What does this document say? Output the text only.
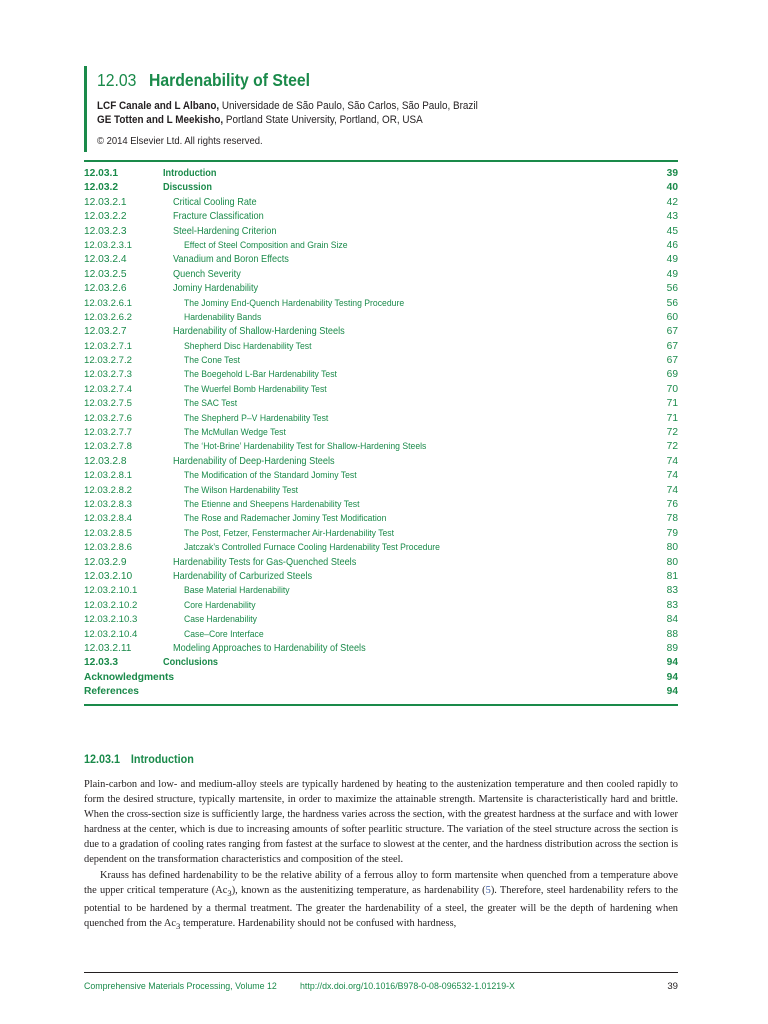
12.03 Hardenability of Steel
LCF Canale and L Albano, Universidade de São Paulo, São Carlos, São Paulo, Brazil
GE Totten and L Meekisho, Portland State University, Portland, OR, USA
© 2014 Elsevier Ltd. All rights reserved.
12.03.1	Introduction	39
12.03.2	Discussion	40
12.03.2.1	Critical Cooling Rate	42
12.03.2.2	Fracture Classification	43
12.03.2.3	Steel-Hardening Criterion	45
12.03.2.3.1	Effect of Steel Composition and Grain Size	46
12.03.2.4	Vanadium and Boron Effects	49
12.03.2.5	Quench Severity	49
12.03.2.6	Jominy Hardenability	56
12.03.2.6.1	The Jominy End-Quench Hardenability Testing Procedure	56
12.03.2.6.2	Hardenability Bands	60
12.03.2.7	Hardenability of Shallow-Hardening Steels	67
12.03.2.7.1	Shepherd Disc Hardenability Test	67
12.03.2.7.2	The Cone Test	67
12.03.2.7.3	The Boegehold L-Bar Hardenability Test	69
12.03.2.7.4	The Wuerfel Bomb Hardenability Test	70
12.03.2.7.5	The SAC Test	71
12.03.2.7.6	The Shepherd P–V Hardenability Test	71
12.03.2.7.7	The McMullan Wedge Test	72
12.03.2.7.8	The ‘Hot-Brine’ Hardenability Test for Shallow-Hardening Steels	72
12.03.2.8	Hardenability of Deep-Hardening Steels	74
12.03.2.8.1	The Modification of the Standard Jominy Test	74
12.03.2.8.2	The Wilson Hardenability Test	74
12.03.2.8.3	The Etienne and Sheepens Hardenability Test	76
12.03.2.8.4	The Rose and Rademacher Jominy Test Modification	78
12.03.2.8.5	The Post, Fetzer, Fenstermacher Air-Hardenability Test	79
12.03.2.8.6	Jatczak’s Controlled Furnace Cooling Hardenability Test Procedure	80
12.03.2.9	Hardenability Tests for Gas-Quenched Steels	80
12.03.2.10	Hardenability of Carburized Steels	81
12.03.2.10.1	Base Material Hardenability	83
12.03.2.10.2	Core Hardenability	83
12.03.2.10.3	Case Hardenability	84
12.03.2.10.4	Case–Core Interface	88
12.03.2.11	Modeling Approaches to Hardenability of Steels	89
12.03.3	Conclusions	94
Acknowledgments	94
References	94
12.03.1 Introduction

Plain-carbon and low- and medium-alloy steels are typically hardened by heating to the austenization temperature and then cooled rapidly to form the desired structure, typically martensite, in order to maximize the attainable strength. Martensite is characteristically hard and brittle. When the cross-section size is sufficiently large, the hardness varies across the section, with the greatest hardness at the surface and with lower hardness at the center, which is due to increasing amounts of softer pearlitic structure. The variation of the steel structure across the section is due to a gradation of cooling rates ranging from fastest at the surface to slowest at the center, and the hardness distribution across the section is dependent on the transformation characteristics and composition of the steel.

Krauss has defined hardenability to be the relative ability of a ferrous alloy to form martensite when quenched from a temperature above the upper critical temperature $(Ac_3)$, known as the austenitizing temperature, as hardenability (5). Therefore, steel hardenability refers to the potential to be hardened by a thermal treatment. The greater the hardenability of a steel, the greater will be the depth of hardening when quenched from the $Ac_3$ temperature. Hardenability should not be confused with hardness,

Comprehensive Materials Processing, Volume 12 http://dx.doi.org/10.1016/B978-0-08-096532-1.01219-X	39
